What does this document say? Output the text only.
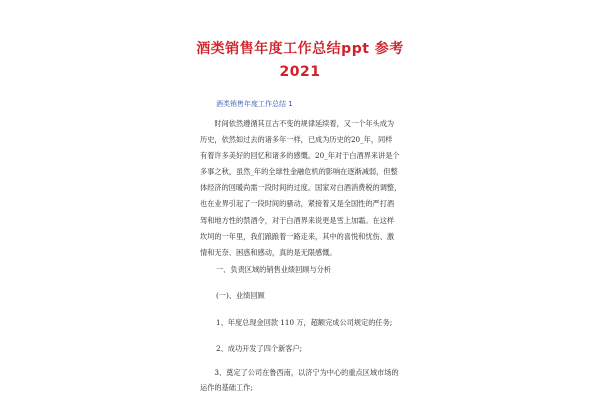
酒类销售年度工作总结ppt 参考
2021
酒类销售年度工作总结 1
　　时间依然遵循其亘古不变的规律延续着，又一个年头成为
历史，依然如过去的诸多年一样，已成为历史的20_年，同样
有着许多美好的回忆和诸多的感慨。20_年对于白酒界来讲是个
多事之秋，虽然_年的全球性金融危机的影响在逐渐减弱，但整
体经济的回暖尚需一段时间的过度。国家对白酒消费税的调整，
也在业界引起了一段时间的骚动，紧接着又是全国性的严打酒
驾和地方性的禁酒令，对于白酒界来说更是雪上加霜。在这样
坎坷的一年里，我们踉踉着一路走来，其中的喜悦和忧伤、激
情和无奈、困惑和感动，真的是无限感慨。
一、负责区域的销售业绩回顾与分析
(一)、业绩回顾
1、年度总现金回款 110 万，超额完成公司规定的任务;
2、成功开发了四个新客户;
　　3、奠定了公司在鲁西南，以济宁为中心的重点区域市场的
运作的基础工作;
